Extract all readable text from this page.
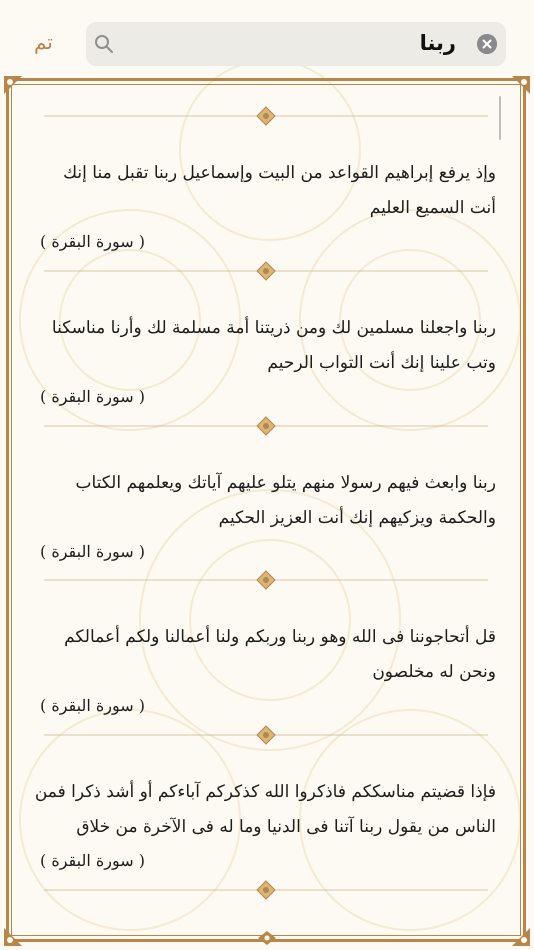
تم	ربنا

وإذ يرفع إبراهيم القواعد من البيت وإسماعيل ربنا تقبل منا إنك أنت السميع العليم

( سورة البقرة )

ربنا واجعلنا مسلمين لك ومن ذريتنا أمة مسلمة لك وأرنا مناسكنا وتب علينا إنك أنت التواب الرحيم

( سورة البقرة )

ربنا وابعث فيهم رسولا منهم يتلو عليهم آياتك ويعلمهم الكتاب والحكمة ويزكيهم إنك أنت العزيز الحكيم

( سورة البقرة )

قل أتحاجوننا فى الله وهو ربنا وربكم ولنا أعمالنا ولكم أعمالكم ونحن له مخلصون

( سورة البقرة )

فإذا قضيتم مناسككم فاذكروا الله كذكركم آباءكم أو أشد ذكرا فمن الناس من يقول ربنا آتنا فى الدنيا وما له فى الآخرة من خلاق

( سورة البقرة )
